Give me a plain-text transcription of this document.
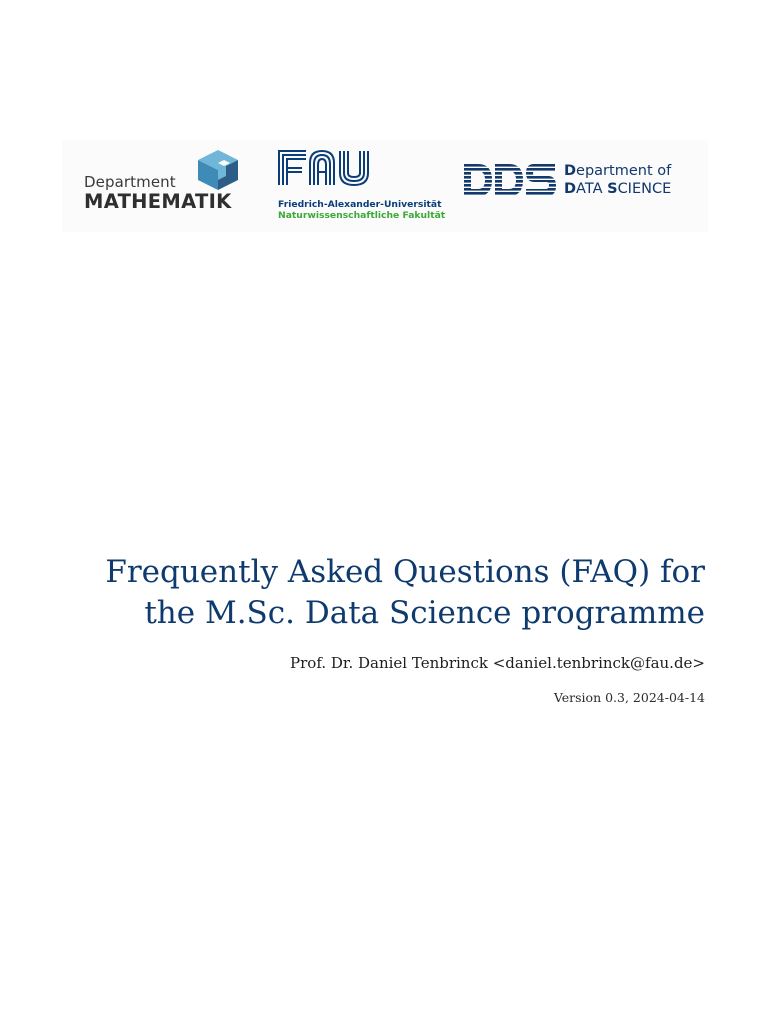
Department
MATHEMATIK	Friedrich-Alexander-Universität
Naturwissenschaftliche Fakultät
Department of
DATA SCIENCE
Frequently Asked Questions (FAQ) for
the M.Sc. Data Science programme
Prof. Dr. Daniel Tenbrinck <daniel.tenbrinck@fau.de>
Version 0.3, 2024-04-14
